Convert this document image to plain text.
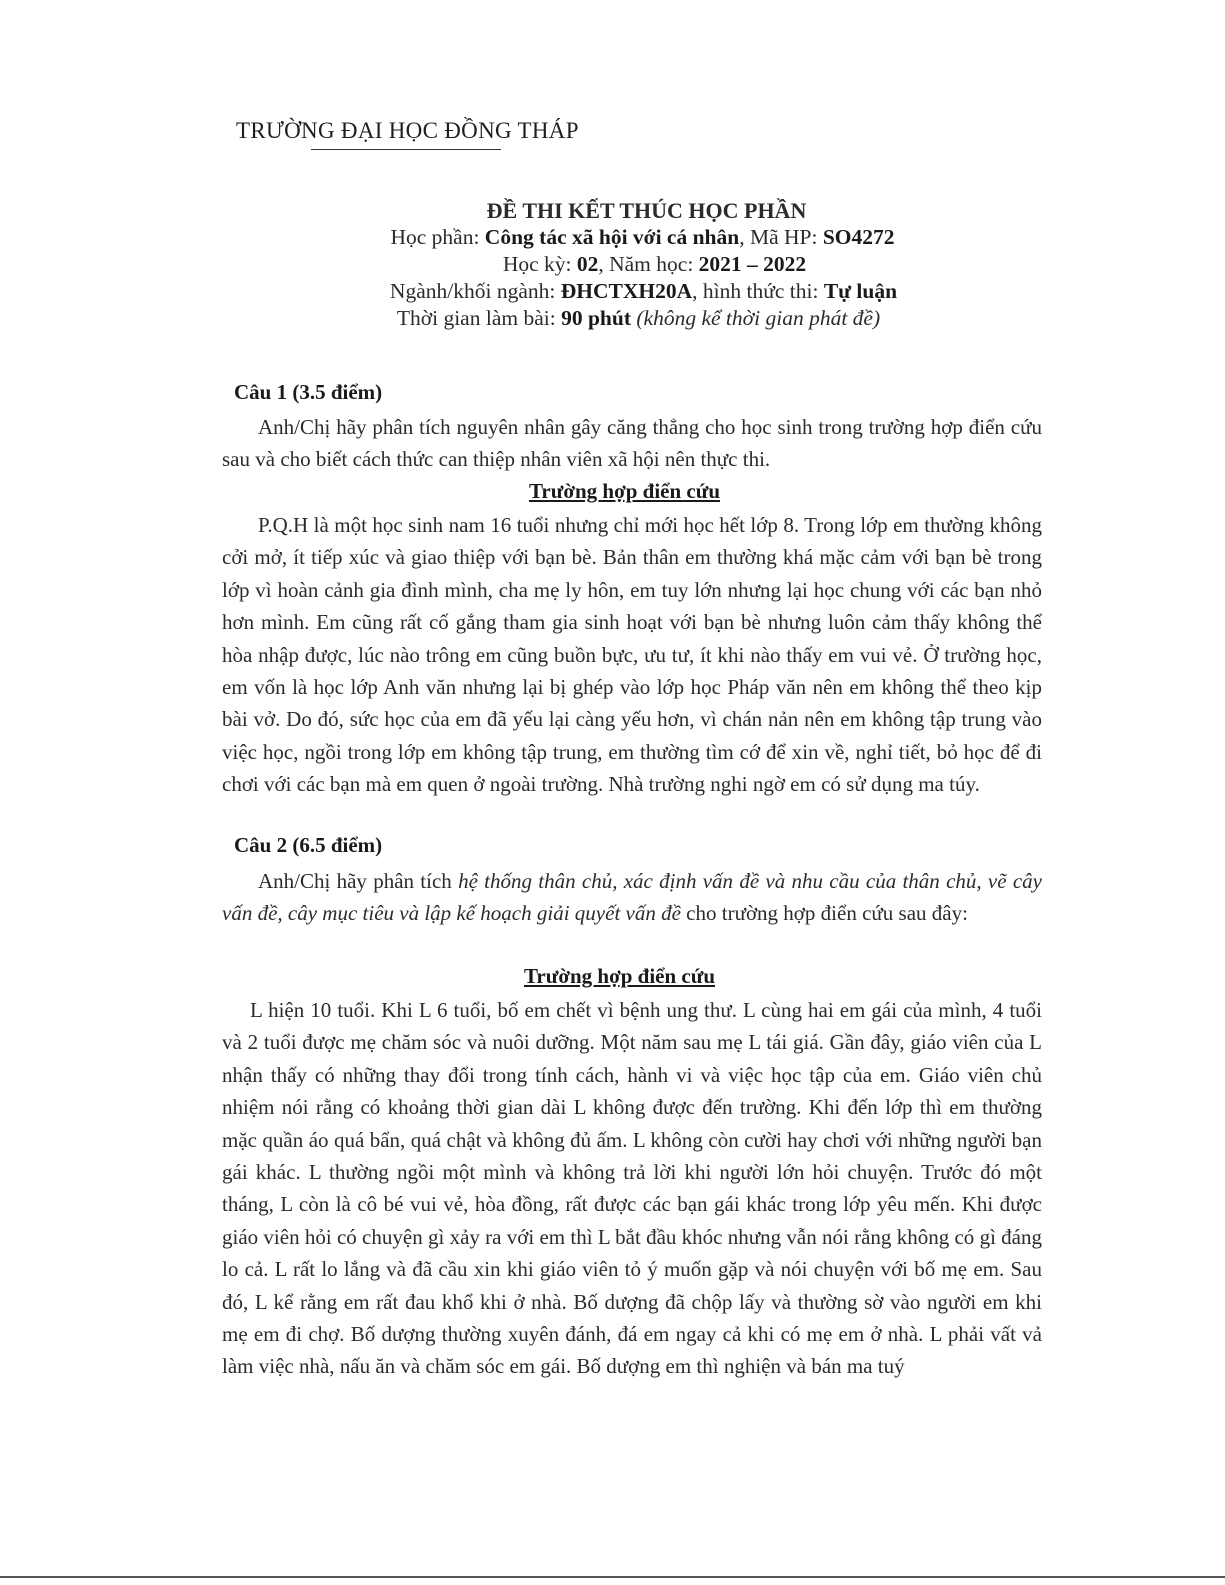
TRƯỜNG ĐẠI HỌC ĐỒNG THÁP
ĐỀ THI KẾT THÚC HỌC PHẦN
Học phần: Công tác xã hội với cá nhân, Mã HP: SO4272
Học kỳ: 02, Năm học: 2021 – 2022
Ngành/khối ngành: ĐHCTXH20A, hình thức thi: Tự luận
Thời gian làm bài: 90 phút (không kể thời gian phát đề)
Câu 1 (3.5 điểm)
Anh/Chị hãy phân tích nguyên nhân gây căng thẳng cho học sinh trong trường hợp điển cứu sau và cho biết cách thức can thiệp nhân viên xã hội nên thực thi.
Trường hợp điển cứu
P.Q.H là một học sinh nam 16 tuổi nhưng chỉ mới học hết lớp 8. Trong lớp em thường không cởi mở, ít tiếp xúc và giao thiệp với bạn bè. Bản thân em thường khá mặc cảm với bạn bè trong lớp vì hoàn cảnh gia đình mình, cha mẹ ly hôn, em tuy lớn nhưng lại học chung với các bạn nhỏ hơn mình. Em cũng rất cố gắng tham gia sinh hoạt với bạn bè nhưng luôn cảm thấy không thể hòa nhập được, lúc nào trông em cũng buồn bực, ưu tư, ít khi nào thấy em vui vẻ. Ở trường học, em vốn là học lớp Anh văn nhưng lại bị ghép vào lớp học Pháp văn nên em không thể theo kịp bài vở. Do đó, sức học của em đã yếu lại càng yếu hơn, vì chán nản nên em không tập trung vào việc học, ngồi trong lớp em không tập trung, em thường tìm cớ để xin về, nghỉ tiết, bỏ học để đi chơi với các bạn mà em quen ở ngoài trường. Nhà trường nghi ngờ em có sử dụng ma túy.
Câu 2 (6.5 điểm)
Anh/Chị hãy phân tích hệ thống thân chủ, xác định vấn đề và nhu cầu của thân chủ, vẽ cây vấn đề, cây mục tiêu và lập kế hoạch giải quyết vấn đề cho trường hợp điển cứu sau đây:
Trường hợp điển cứu
L hiện 10 tuổi. Khi L 6 tuổi, bố em chết vì bệnh ung thư. L cùng hai em gái của mình, 4 tuổi và 2 tuổi được mẹ chăm sóc và nuôi dưỡng. Một năm sau mẹ L tái giá. Gần đây, giáo viên của L nhận thấy có những thay đổi trong tính cách, hành vi và việc học tập của em. Giáo viên chủ nhiệm nói rằng có khoảng thời gian dài L không được đến trường. Khi đến lớp thì em thường mặc quần áo quá bẩn, quá chật và không đủ ấm. L không còn cười hay chơi với những người bạn gái khác. L thường ngồi một mình và không trả lời khi người lớn hỏi chuyện. Trước đó một tháng, L còn là cô bé vui vẻ, hòa đồng, rất được các bạn gái khác trong lớp yêu mến. Khi được giáo viên hỏi có chuyện gì xảy ra với em thì L bắt đầu khóc nhưng vẫn nói rằng không có gì đáng lo cả. L rất lo lắng và đã cầu xin khi giáo viên tỏ ý muốn gặp và nói chuyện với bố mẹ em. Sau đó, L kể rằng em rất đau khổ khi ở nhà. Bố dượng đã chộp lấy và thường sờ vào người em khi mẹ em đi chợ. Bố dượng thường xuyên đánh, đá em ngay cả khi có mẹ em ở nhà. L phải vất vả làm việc nhà, nấu ăn và chăm sóc em gái. Bố dượng em thì nghiện và bán ma tuý
